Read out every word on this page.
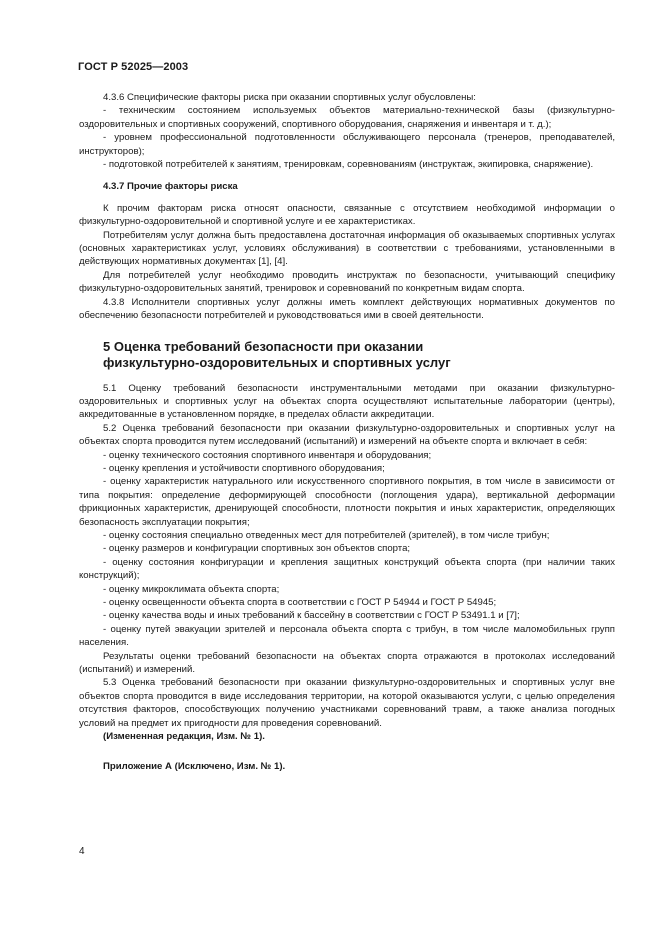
ГОСТ Р 52025—2003

4.3.6 Специфические факторы риска при оказании спортивных услуг обусловлены:

- техническим состоянием используемых объектов материально-технической базы (физкультурно-оздоровительных и спортивных сооружений, спортивного оборудования, снаряжения и инвентаря и т. д.);

- уровнем профессиональной подготовленности обслуживающего персонала (тренеров, преподавателей, инструкторов);

- подготовкой потребителей к занятиям, тренировкам, соревнованиям (инструктаж, экипировка, снаряжение).

4.3.7 Прочие факторы риска

К прочим факторам риска относят опасности, связанные с отсутствием необходимой информации о физкультурно-оздоровительной и спортивной услуге и ее характеристиках.

Потребителям услуг должна быть предоставлена достаточная информация об оказываемых спортивных услугах (основных характеристиках услуг, условиях обслуживания) в соответствии с требованиями, установленными в действующих нормативных документах [1], [4].

Для потребителей услуг необходимо проводить инструктаж по безопасности, учитывающий специфику физкультурно-оздоровительных занятий, тренировок и соревнований по конкретным видам спорта.

4.3.8 Исполнители спортивных услуг должны иметь комплект действующих нормативных документов по обеспечению безопасности потребителей и руководствоваться ими в своей деятельности.

5 Оценка требований безопасности при оказании
физкультурно-оздоровительных и спортивных услуг

5.1 Оценку требований безопасности инструментальными методами при оказании физкультурно-оздоровительных и спортивных услуг на объектах спорта осуществляют испытательные лаборатории (центры), аккредитованные в установленном порядке, в пределах области аккредитации.

5.2 Оценка требований безопасности при оказании физкультурно-оздоровительных и спортивных услуг на объектах спорта проводится путем исследований (испытаний) и измерений на объекте спорта и включает в себя:

- оценку технического состояния спортивного инвентаря и оборудования;

- оценку крепления и устойчивости спортивного оборудования;

- оценку характеристик натурального или искусственного спортивного покрытия, в том числе в зависимости от типа покрытия: определение деформирующей способности (поглощения удара), вертикальной деформации фрикционных характеристик, дренирующей способности, плотности покрытия и иных характеристик, определяющих безопасность эксплуатации покрытия;

- оценку состояния специально отведенных мест для потребителей (зрителей), в том числе трибун;

- оценку размеров и конфигурации спортивных зон объектов спорта;

- оценку состояния конфигурации и крепления защитных конструкций объекта спорта (при наличии таких конструкций);

- оценку микроклимата объекта спорта;

- оценку освещенности объекта спорта в соответствии с ГОСТ Р 54944 и ГОСТ Р 54945;

- оценку качества воды и иных требований к бассейну в соответствии с ГОСТ Р 53491.1 и [7];

- оценку путей эвакуации зрителей и персонала объекта спорта с трибун, в том числе маломобильных групп населения.

Результаты оценки требований безопасности на объектах спорта отражаются в протоколах исследований (испытаний) и измерений.

5.3 Оценка требований безопасности при оказании физкультурно-оздоровительных и спортивных услуг вне объектов спорта проводится в виде исследования территории, на которой оказываются услуги, с целью определения отсутствия факторов, способствующих получению участниками соревнований травм, а также анализа погодных условий на предмет их пригодности для проведения соревнований.

(Измененная редакция, Изм. № 1).

Приложение А (Исключено, Изм. № 1).

4
